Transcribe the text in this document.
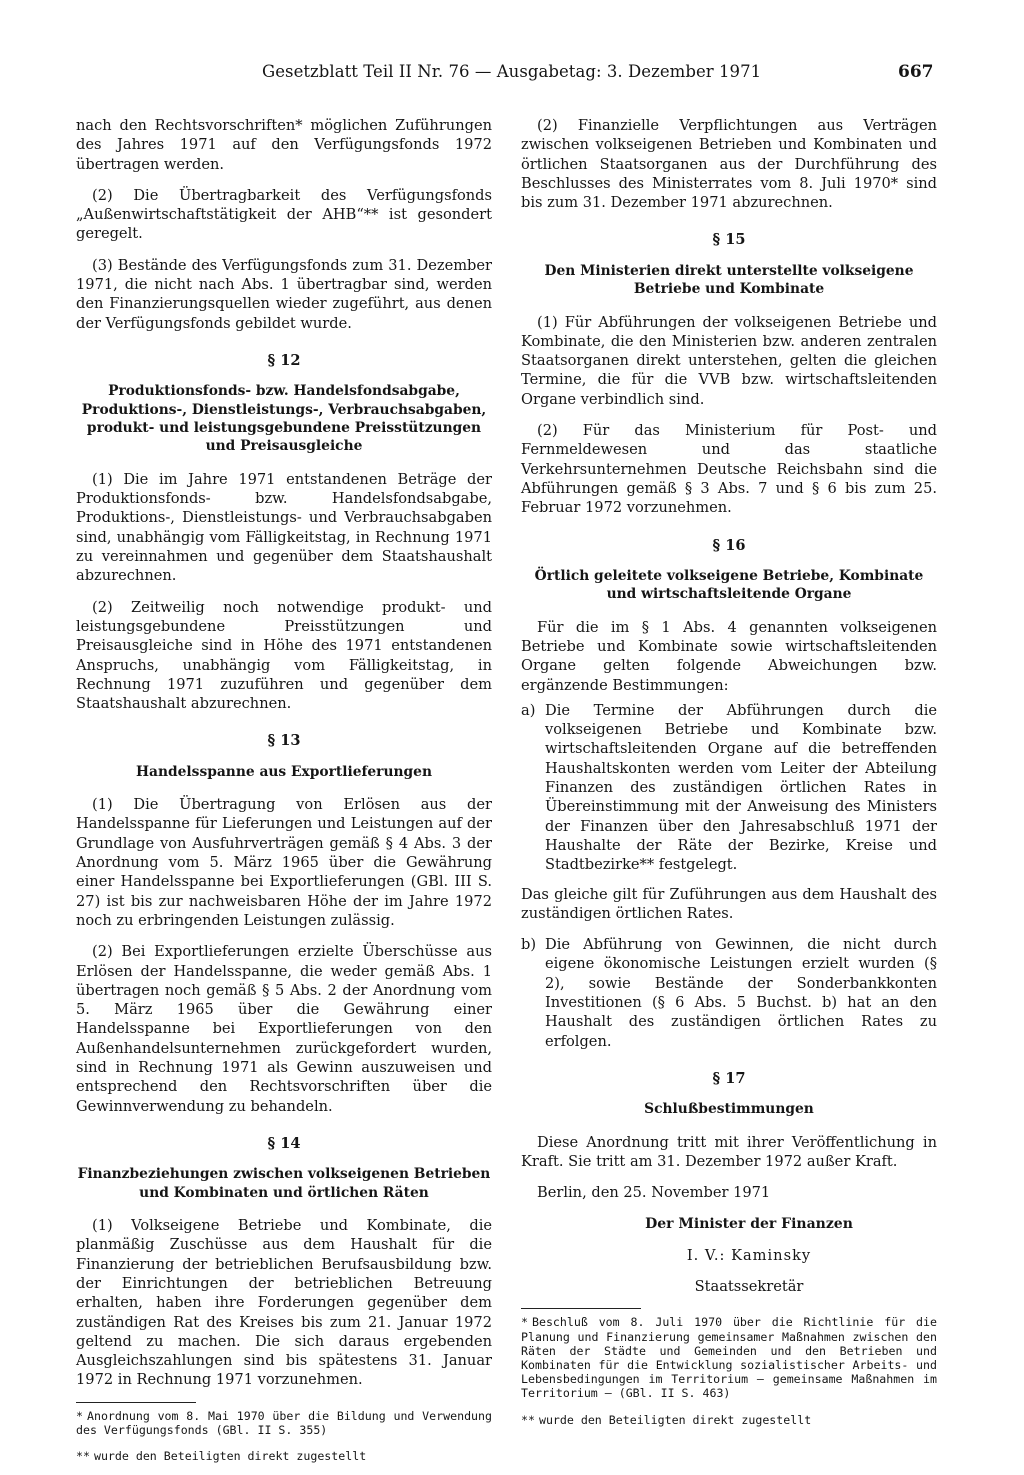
Gesetzblatt Teil II Nr. 76 — Ausgabetag: 3. Dezember 1971	667

nach den Rechtsvorschriften* möglichen Zuführungen des Jahres 1971 auf den Verfügungsfonds 1972 übertragen werden.

(2) Die Übertragbarkeit des Verfügungsfonds „Außenwirtschaftstätigkeit der AHB“** ist gesondert geregelt.

(3) Bestände des Verfügungsfonds zum 31. Dezember 1971, die nicht nach Abs. 1 übertragbar sind, werden den Finanzierungsquellen wieder zugeführt, aus denen der Verfügungsfonds gebildet wurde.

§ 12
Produktionsfonds- bzw. Handelsfondsabgabe, Produktions-, Dienstleistungs-, Verbrauchsabgaben, produkt- und leistungsgebundene Preisstützungen und Preisausgleiche

(1) Die im Jahre 1971 entstandenen Beträge der Produktionsfonds- bzw. Handelsfondsabgabe, Produktions-, Dienstleistungs- und Verbrauchsabgaben sind, unabhängig vom Fälligkeitstag, in Rechnung 1971 zu vereinnahmen und gegenüber dem Staatshaushalt abzurechnen.

(2) Zeitweilig noch notwendige produkt- und leistungsgebundene Preisstützungen und Preisausgleiche sind in Höhe des 1971 entstandenen Anspruchs, unabhängig vom Fälligkeitstag, in Rechnung 1971 zuzuführen und gegenüber dem Staatshaushalt abzurechnen.

§ 13
Handelsspanne aus Exportlieferungen

(1) Die Übertragung von Erlösen aus der Handelsspanne für Lieferungen und Leistungen auf der Grundlage von Ausfuhrverträgen gemäß § 4 Abs. 3 der Anordnung vom 5. März 1965 über die Gewährung einer Handelsspanne bei Exportlieferungen (GBl. III S. 27) ist bis zur nachweisbaren Höhe der im Jahre 1972 noch zu erbringenden Leistungen zulässig.

(2) Bei Exportlieferungen erzielte Überschüsse aus Erlösen der Handelsspanne, die weder gemäß Abs. 1 übertragen noch gemäß § 5 Abs. 2 der Anordnung vom 5. März 1965 über die Gewährung einer Handelsspanne bei Exportlieferungen von den Außenhandelsunternehmen zurückgefordert wurden, sind in Rechnung 1971 als Gewinn auszuweisen und entsprechend den Rechtsvorschriften über die Gewinnverwendung zu behandeln.

§ 14
Finanzbeziehungen zwischen volkseigenen Betrieben und Kombinaten und örtlichen Räten

(1) Volkseigene Betriebe und Kombinate, die planmäßig Zuschüsse aus dem Haushalt für die Finanzierung der betrieblichen Berufsausbildung bzw. der Einrichtungen der betrieblichen Betreuung erhalten, haben ihre Forderungen gegenüber dem zuständigen Rat des Kreises bis zum 21. Januar 1972 geltend zu machen. Die sich daraus ergebenden Ausgleichszahlungen sind bis spätestens 31. Januar 1972 in Rechnung 1971 vorzunehmen.

* Anordnung vom 8. Mai 1970 über die Bildung und Verwendung des Verfügungsfonds (GBl. II S. 355)

** wurde den Beteiligten direkt zugestellt

(2) Finanzielle Verpflichtungen aus Verträgen zwischen volkseigenen Betrieben und Kombinaten und örtlichen Staatsorganen aus der Durchführung des Beschlusses des Ministerrates vom 8. Juli 1970* sind bis zum 31. Dezember 1971 abzurechnen.

§ 15
Den Ministerien direkt unterstellte volkseigene Betriebe und Kombinate

(1) Für Abführungen der volkseigenen Betriebe und Kombinate, die den Ministerien bzw. anderen zentralen Staatsorganen direkt unterstehen, gelten die gleichen Termine, die für die VVB bzw. wirtschaftsleitenden Organe verbindlich sind.

(2) Für das Ministerium für Post- und Fernmeldewesen und das staatliche Verkehrsunternehmen Deutsche Reichsbahn sind die Abführungen gemäß § 3 Abs. 7 und § 6 bis zum 25. Februar 1972 vorzunehmen.

§ 16
Örtlich geleitete volkseigene Betriebe, Kombinate und wirtschaftsleitende Organe

Für die im § 1 Abs. 4 genannten volkseigenen Betriebe und Kombinate sowie wirtschaftsleitenden Organe gelten folgende Abweichungen bzw. ergänzende Bestimmungen:

a) Die Termine der Abführungen durch die volkseigenen Betriebe und Kombinate bzw. wirtschaftsleitenden Organe auf die betreffenden Haushaltskonten werden vom Leiter der Abteilung Finanzen des zuständigen örtlichen Rates in Übereinstimmung mit der Anweisung des Ministers der Finanzen über den Jahresabschluß 1971 der Haushalte der Räte der Bezirke, Kreise und Stadtbezirke** festgelegt.

Das gleiche gilt für Zuführungen aus dem Haushalt des zuständigen örtlichen Rates.

b) Die Abführung von Gewinnen, die nicht durch eigene ökonomische Leistungen erzielt wurden (§ 2), sowie Bestände der Sonderbankkonten Investitionen (§ 6 Abs. 5 Buchst. b) hat an den Haushalt des zuständigen örtlichen Rates zu erfolgen.
§ 17
Schlußbestimmungen

Diese Anordnung tritt mit ihrer Veröffentlichung in Kraft. Sie tritt am 31. Dezember 1972 außer Kraft.

Berlin, den 25. November 1971

Der Minister der Finanzen

I. V.: Kaminsky

Staatssekretär

* Beschluß vom 8. Juli 1970 über die Richtlinie für die Planung und Finanzierung gemeinsamer Maßnahmen zwischen den Räten der Städte und Gemeinden und den Betrieben und Kombinaten für die Entwicklung sozialistischer Arbeits- und Lebensbedingungen im Territorium — gemeinsame Maßnahmen im Territorium — (GBl. II S. 463)

** wurde den Beteiligten direkt zugestellt
